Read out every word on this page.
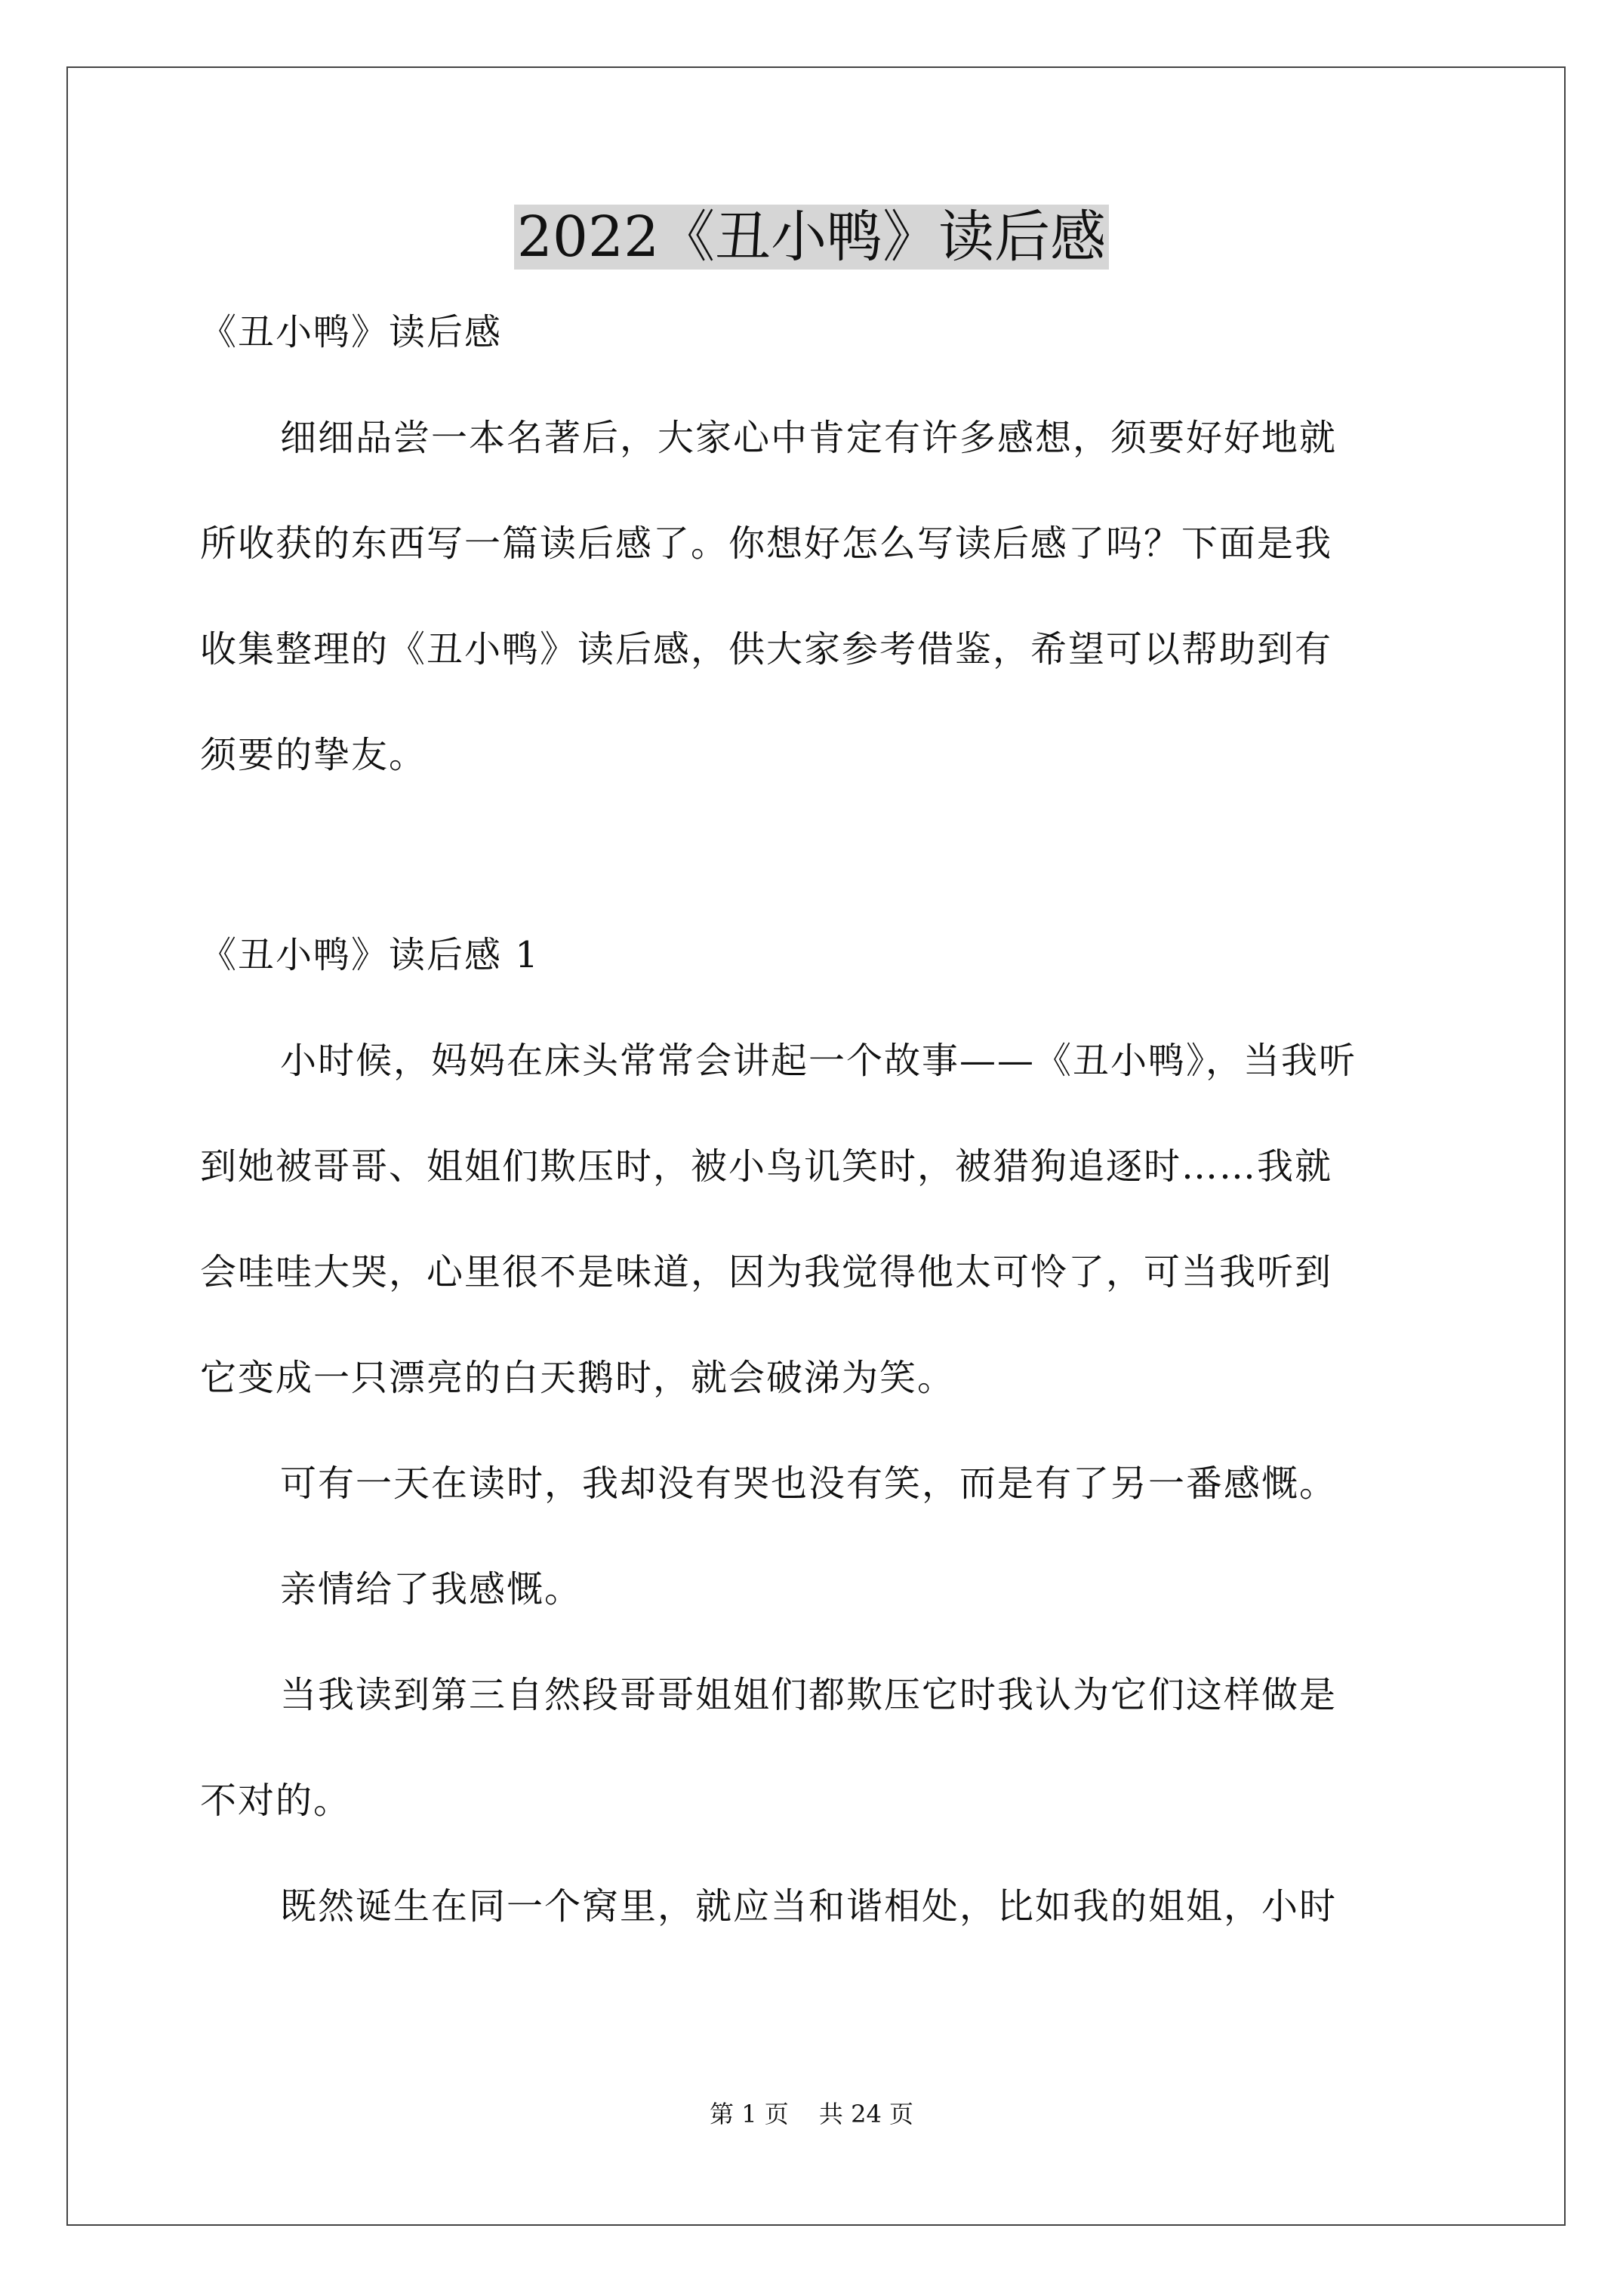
2022《丑小鸭》读后感
《丑小鸭》读后感
细细品尝一本名著后，大家心中肯定有许多感想，须要好好地就
所收获的东西写一篇读后感了。你想好怎么写读后感了吗？下面是我
收集整理的《丑小鸭》读后感，供大家参考借鉴，希望可以帮助到有
须要的挚友。
《丑小鸭》读后感 1
小时候，妈妈在床头常常会讲起一个故事——《丑小鸭》，当我听
到她被哥哥、姐姐们欺压时，被小鸟讥笑时，被猎狗追逐时……我就
会哇哇大哭，心里很不是味道，因为我觉得他太可怜了，可当我听到
它变成一只漂亮的白天鹅时，就会破涕为笑。
可有一天在读时，我却没有哭也没有笑，而是有了另一番感慨。
亲情给了我感慨。
当我读到第三自然段哥哥姐姐们都欺压它时我认为它们这样做是
不对的。
既然诞生在同一个窝里，就应当和谐相处，比如我的姐姐，小时
第 1 页 共 24 页
